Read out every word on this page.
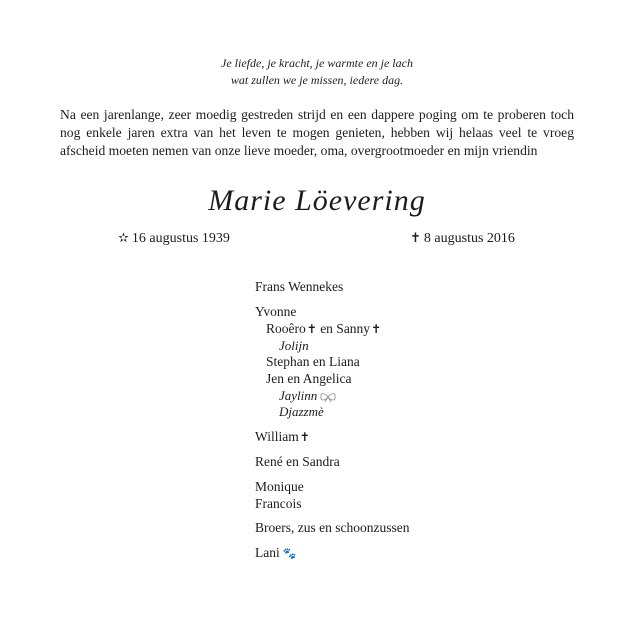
Je liefde, je kracht, je warmte en je lach
wat zullen we je missen, iedere dag.
Na een jarenlange, zeer moedig gestreden strijd en een dappere poging om te proberen toch
nog enkele jaren extra van het leven te mogen genieten, hebben wij helaas veel te vroeg
afscheid moeten nemen van onze lieve moeder, oma, overgrootmoeder en mijn vriendin
Marie Löevering
✫ 16 augustus 1939	✝ 8 augustus 2016
Frans Wennekes
Yvonne
Rooêro✝ en Sanny✝
Jolijn
Stephan en Liana
Jen en Angelica
Jaylinn
Djazzmè
William✝
René en Sandra
Monique
Francois
Broers, zus en schoonzussen
Lani 🐾
